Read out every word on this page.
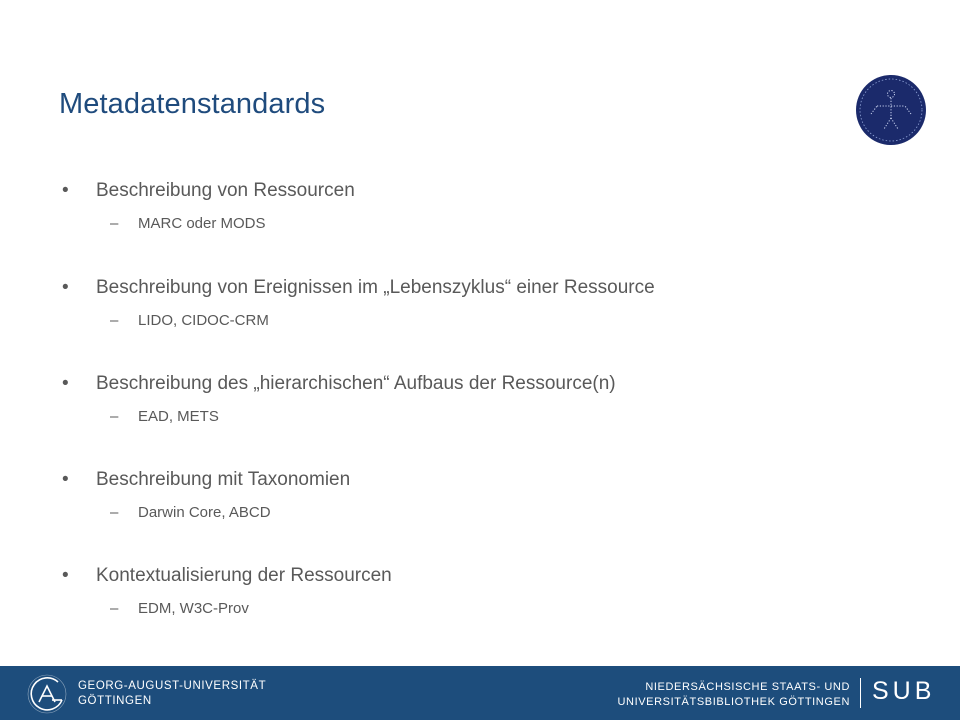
Metadatenstandards
• Beschreibung von Ressourcen
– MARC oder MODS
• Beschreibung von Ereignissen im „Lebenszyklus“ einer Ressource
– LIDO, CIDOC-CRM
• Beschreibung des „hierarchischen“ Aufbaus der Ressource(n)
– EAD, METS
• Beschreibung mit Taxonomien
– Darwin Core, ABCD
• Kontextualisierung der Ressourcen
– EDM, W3C-Prov
GEORG-AUGUST-UNIVERSITÄT
GÖTTINGEN
NIEDERSÄCHSISCHE STAATS- UND
UNIVERSITÄTSBIBLIOTHEK GÖTTINGEN SUB
